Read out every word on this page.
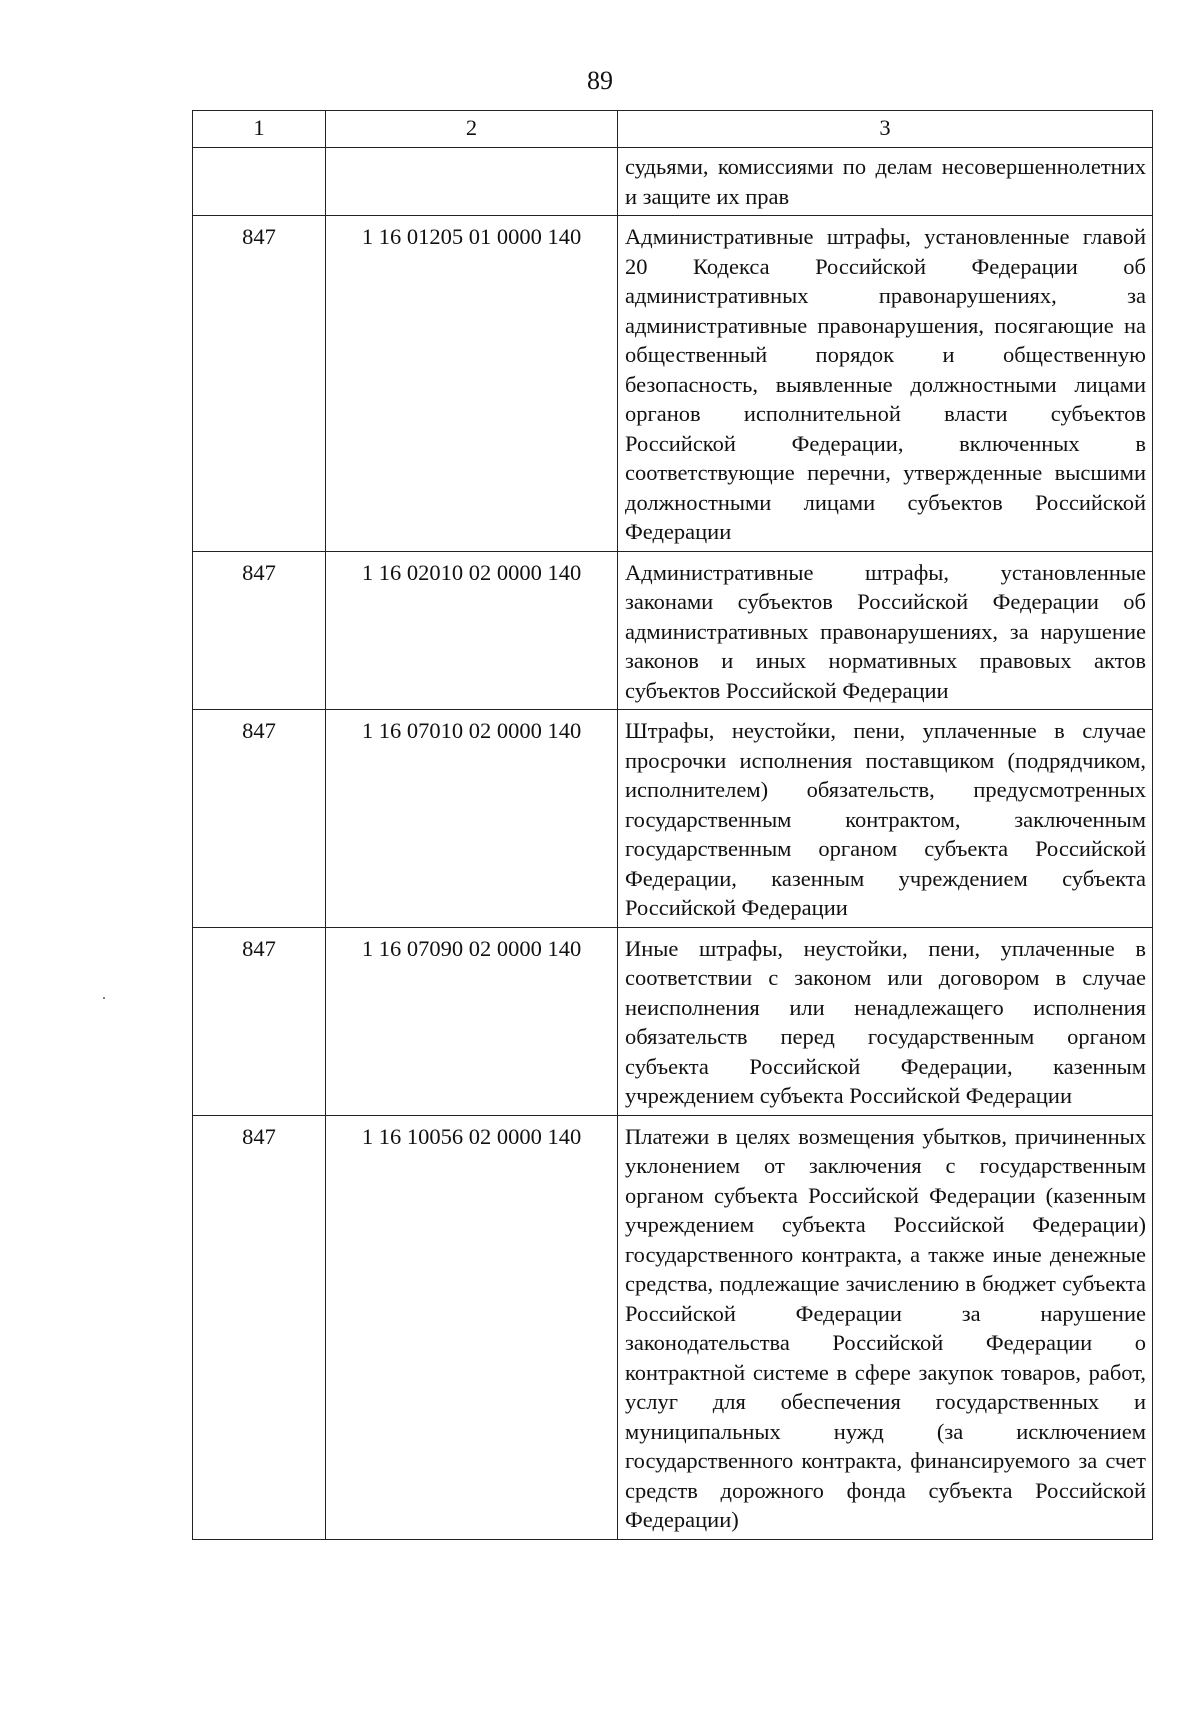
89
1	2	3
		судьями, комиссиями по делам несовершеннолетних и защите их прав
847	1 16 01205 01 0000 140	Административные штрафы, установленные главой 20 Кодекса Российской Федерации об административных правонарушениях, за административные правонарушения, посягающие на общественный порядок и общественную безопасность, выявленные должностными лицами органов исполнительной власти субъектов Российской Федерации, включенных в соответствующие перечни, утвержденные высшими должностными лицами субъектов Российской Федерации
847	1 16 02010 02 0000 140	Административные штрафы, установленные законами субъектов Российской Федерации об административных правонарушениях, за нарушение законов и иных нормативных правовых актов субъектов Российской Федерации
847	1 16 07010 02 0000 140	Штрафы, неустойки, пени, уплаченные в случае просрочки исполнения поставщиком (подрядчиком, исполнителем) обязательств, предусмотренных государственным контрактом, заключенным государственным органом субъекта Российской Федерации, казенным учреждением субъекта Российской Федерации
847	1 16 07090 02 0000 140	Иные штрафы, неустойки, пени, уплаченные в соответствии с законом или договором в случае неисполнения или ненадлежащего исполнения обязательств перед государственным органом субъекта Российской Федерации, казенным учреждением субъекта Российской Федерации
847	1 16 10056 02 0000 140	Платежи в целях возмещения убытков, причиненных уклонением от заключения с государственным органом субъекта Российской Федерации (казенным учреждением субъекта Российской Федерации) государственного контракта, а также иные денежные средства, подлежащие зачислению в бюджет субъекта Российской Федерации за нарушение законодательства Российской Федерации о контрактной системе в сфере закупок товаров, работ, услуг для обеспечения государственных и муниципальных нужд (за исключением государственного контракта, финансируемого за счет средств дорожного фонда субъекта Российской Федерации)
